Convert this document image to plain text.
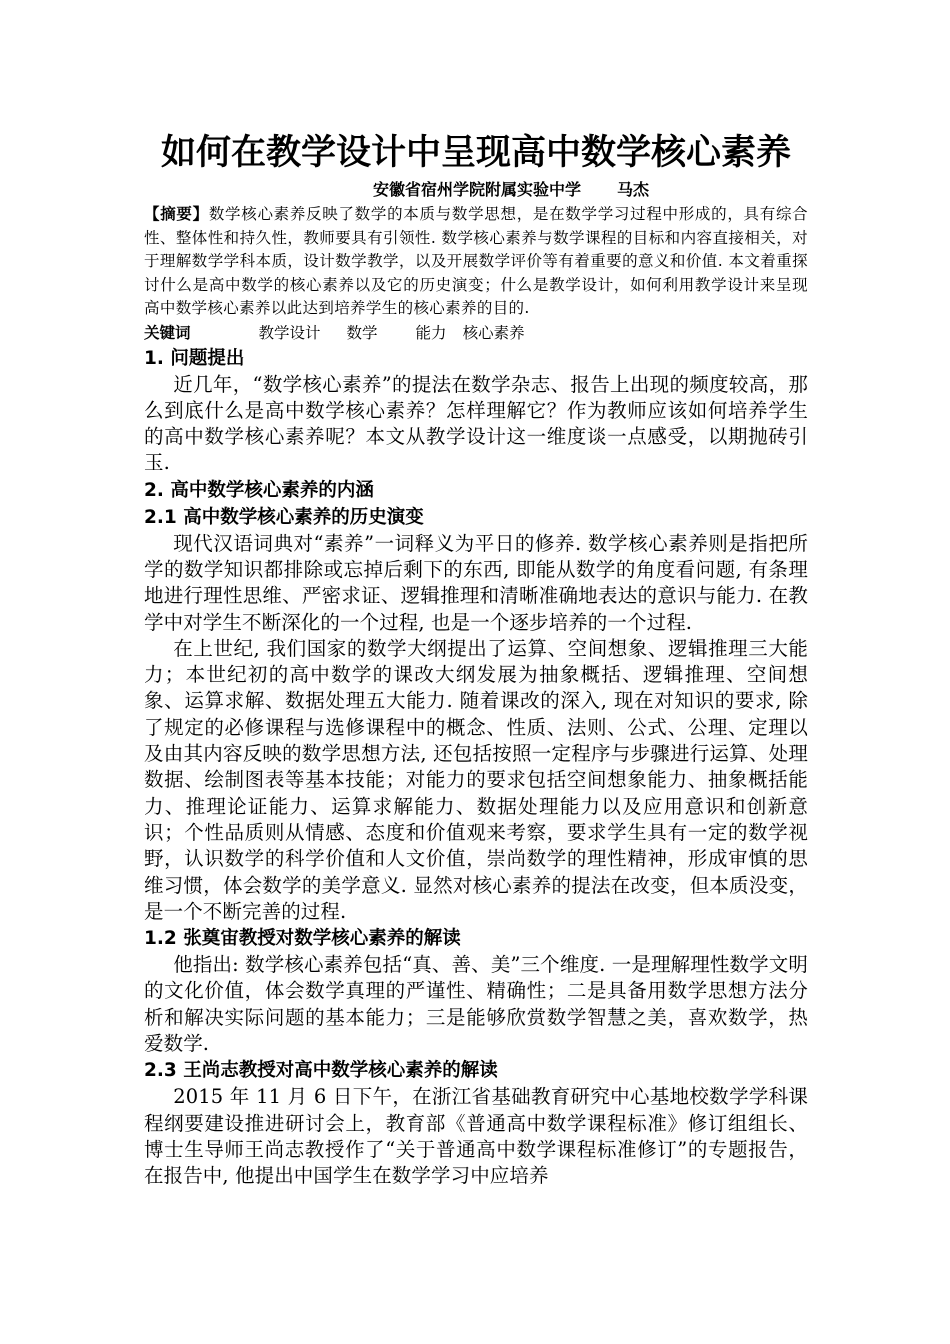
如何在教学设计中呈现高中数学核心素养

安徽省宿州学院附属实验中学 马杰

【摘要】数学核心素养反映了数学的本质与数学思想，是在数学学习过程中形成的，具有综合性、整体性和持久性，教师要具有引领性. 数学核心素养与数学课程的目标和内容直接相关，对于理解数学学科本质，设计数学教学，以及开展数学评价等有着重要的意义和价值. 本文着重探讨什么是高中数学的核心素养以及它的历史演变；什么是教学设计，如何利用教学设计来呈现高中数学核心素养以此达到培养学生的核心素养的目的.

关键词	教学设计 数学 能力 核心素养

1. 问题提出

近几年，“数学核心素养”的提法在数学杂志、报告上出现的频度较高，那么到底什么是高中数学核心素养？怎样理解它？作为教师应该如何培养学生的高中数学核心素养呢？本文从教学设计这一维度谈一点感受，以期抛砖引玉.

2. 高中数学核心素养的内涵
2.1 高中数学核心素养的历史演变

现代汉语词典对“素养”一词释义为平日的修养. 数学核心素养则是指把所学的数学知识都排除或忘掉后剩下的东西, 即能从数学的角度看问题, 有条理地进行理性思维、严密求证、逻辑推理和清晰准确地表达的意识与能力. 在教学中对学生不断深化的一个过程, 也是一个逐步培养的一个过程.

在上世纪, 我们国家的数学大纲提出了运算、空间想象、逻辑推理三大能力；本世纪初的高中数学的课改大纲发展为抽象概括、逻辑推理、空间想象、运算求解、数据处理五大能力. 随着课改的深入, 现在对知识的要求, 除了规定的必修课程与选修课程中的概念、性质、法则、公式、公理、定理以及由其内容反映的数学思想方法, 还包括按照一定程序与步骤进行运算、处理数据、绘制图表等基本技能；对能力的要求包括空间想象能力、抽象概括能力、推理论证能力、运算求解能力、数据处理能力以及应用意识和创新意识；个性品质则从情感、态度和价值观来考察，要求学生具有一定的数学视野，认识数学的科学价值和人文价值，崇尚数学的理性精神，形成审慎的思维习惯，体会数学的美学意义. 显然对核心素养的提法在改变，但本质没变，是一个不断完善的过程.

1.2 张奠宙教授对数学核心素养的解读

他指出: 数学核心素养包括“真、善、美”三个维度. 一是理解理性数学文明的文化价值，体会数学真理的严谨性、精确性；二是具备用数学思想方法分析和解决实际问题的基本能力；三是能够欣赏数学智慧之美，喜欢数学，热爱数学.

2.3 王尚志教授对高中数学核心素养的解读

2015 年 11 月 6 日下午，在浙江省基础教育研究中心基地校数学学科课程纲要建设推进研讨会上，教育部《普通高中数学课程标准》修订组组长、博士生导师王尚志教授作了“关于普通高中数学课程标准修订”的专题报告，在报告中, 他提出中国学生在数学学习中应培养
